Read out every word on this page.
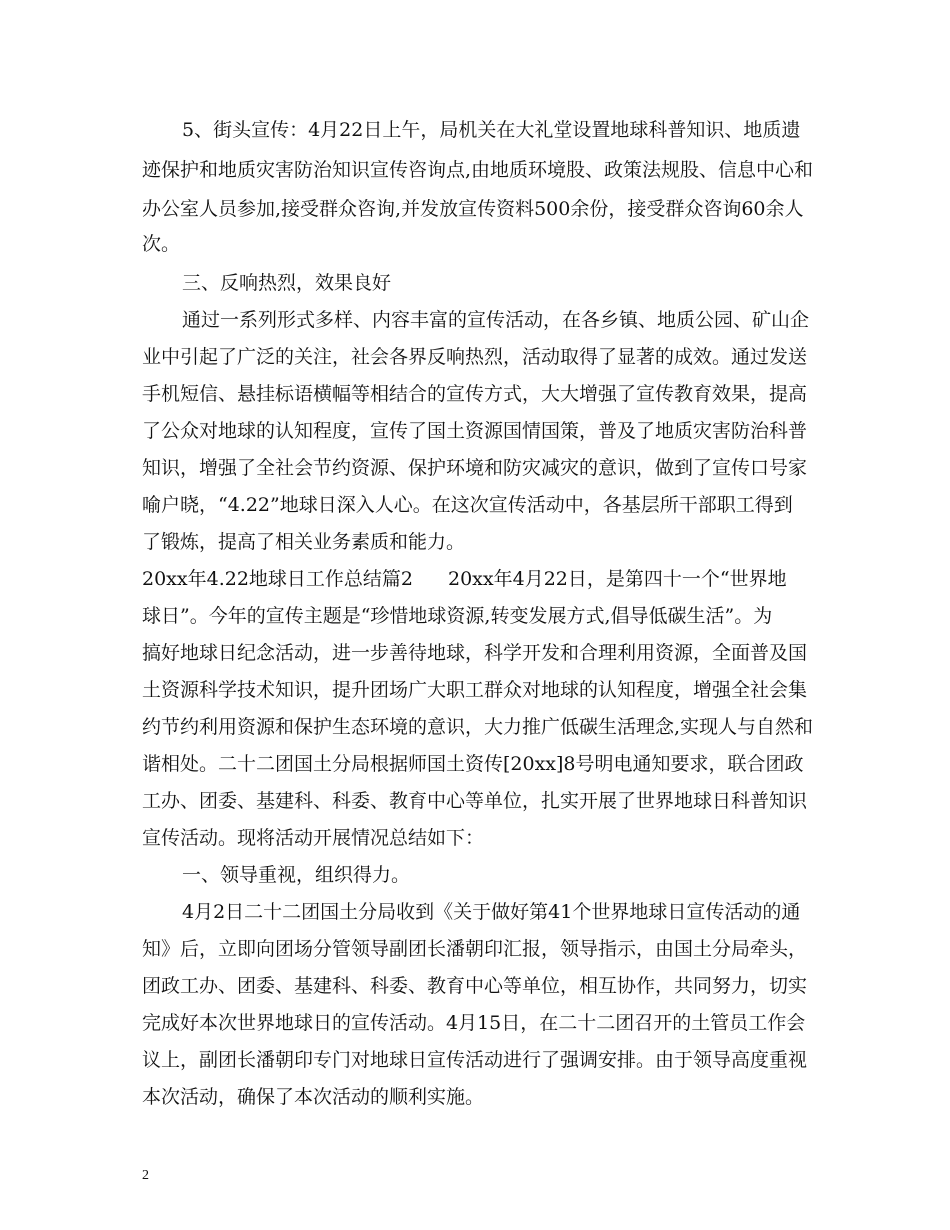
5、街头宣传：4月22日上午，局机关在大礼堂设置地球科普知识、地质遗
迹保护和地质灾害防治知识宣传咨询点,由地质环境股、政策法规股、信息中心和
办公室人员参加,接受群众咨询,并发放宣传资料500余份，接受群众咨询60余人
次。
三、反响热烈，效果良好
通过一系列形式多样、内容丰富的宣传活动，在各乡镇、地质公园、矿山企
业中引起了广泛的关注，社会各界反响热烈，活动取得了显著的成效。通过发送
手机短信、悬挂标语横幅等相结合的宣传方式，大大增强了宣传教育效果，提高
了公众对地球的认知程度，宣传了国土资源国情国策，普及了地质灾害防治科普
知识，增强了全社会节约资源、保护环境和防灾减灾的意识，做到了宣传口号家
喻户晓，“4.22”地球日深入人心。在这次宣传活动中，各基层所干部职工得到
了锻炼，提高了相关业务素质和能力。
20xx年4.22地球日工作总结篇2 20xx年4月22日，是第四十一个“世界地
球日”。今年的宣传主题是“珍惜地球资源,转变发展方式,倡导低碳生活”。为
搞好地球日纪念活动，进一步善待地球，科学开发和合理利用资源，全面普及国
土资源科学技术知识，提升团场广大职工群众对地球的认知程度，增强全社会集
约节约利用资源和保护生态环境的意识，大力推广低碳生活理念,实现人与自然和
谐相处。二十二团国土分局根据师国土资传[20xx]8号明电通知要求，联合团政
工办、团委、基建科、科委、教育中心等单位，扎实开展了世界地球日科普知识
宣传活动。现将活动开展情况总结如下：
一、领导重视，组织得力。
4月2日二十二团国土分局收到《关于做好第41个世界地球日宣传活动的通
知》后，立即向团场分管领导副团长潘朝印汇报，领导指示，由国土分局牵头，
团政工办、团委、基建科、科委、教育中心等单位，相互协作，共同努力，切实
完成好本次世界地球日的宣传活动。4月15日，在二十二团召开的土管员工作会
议上，副团长潘朝印专门对地球日宣传活动进行了强调安排。由于领导高度重视
本次活动，确保了本次活动的顺利实施。
2
